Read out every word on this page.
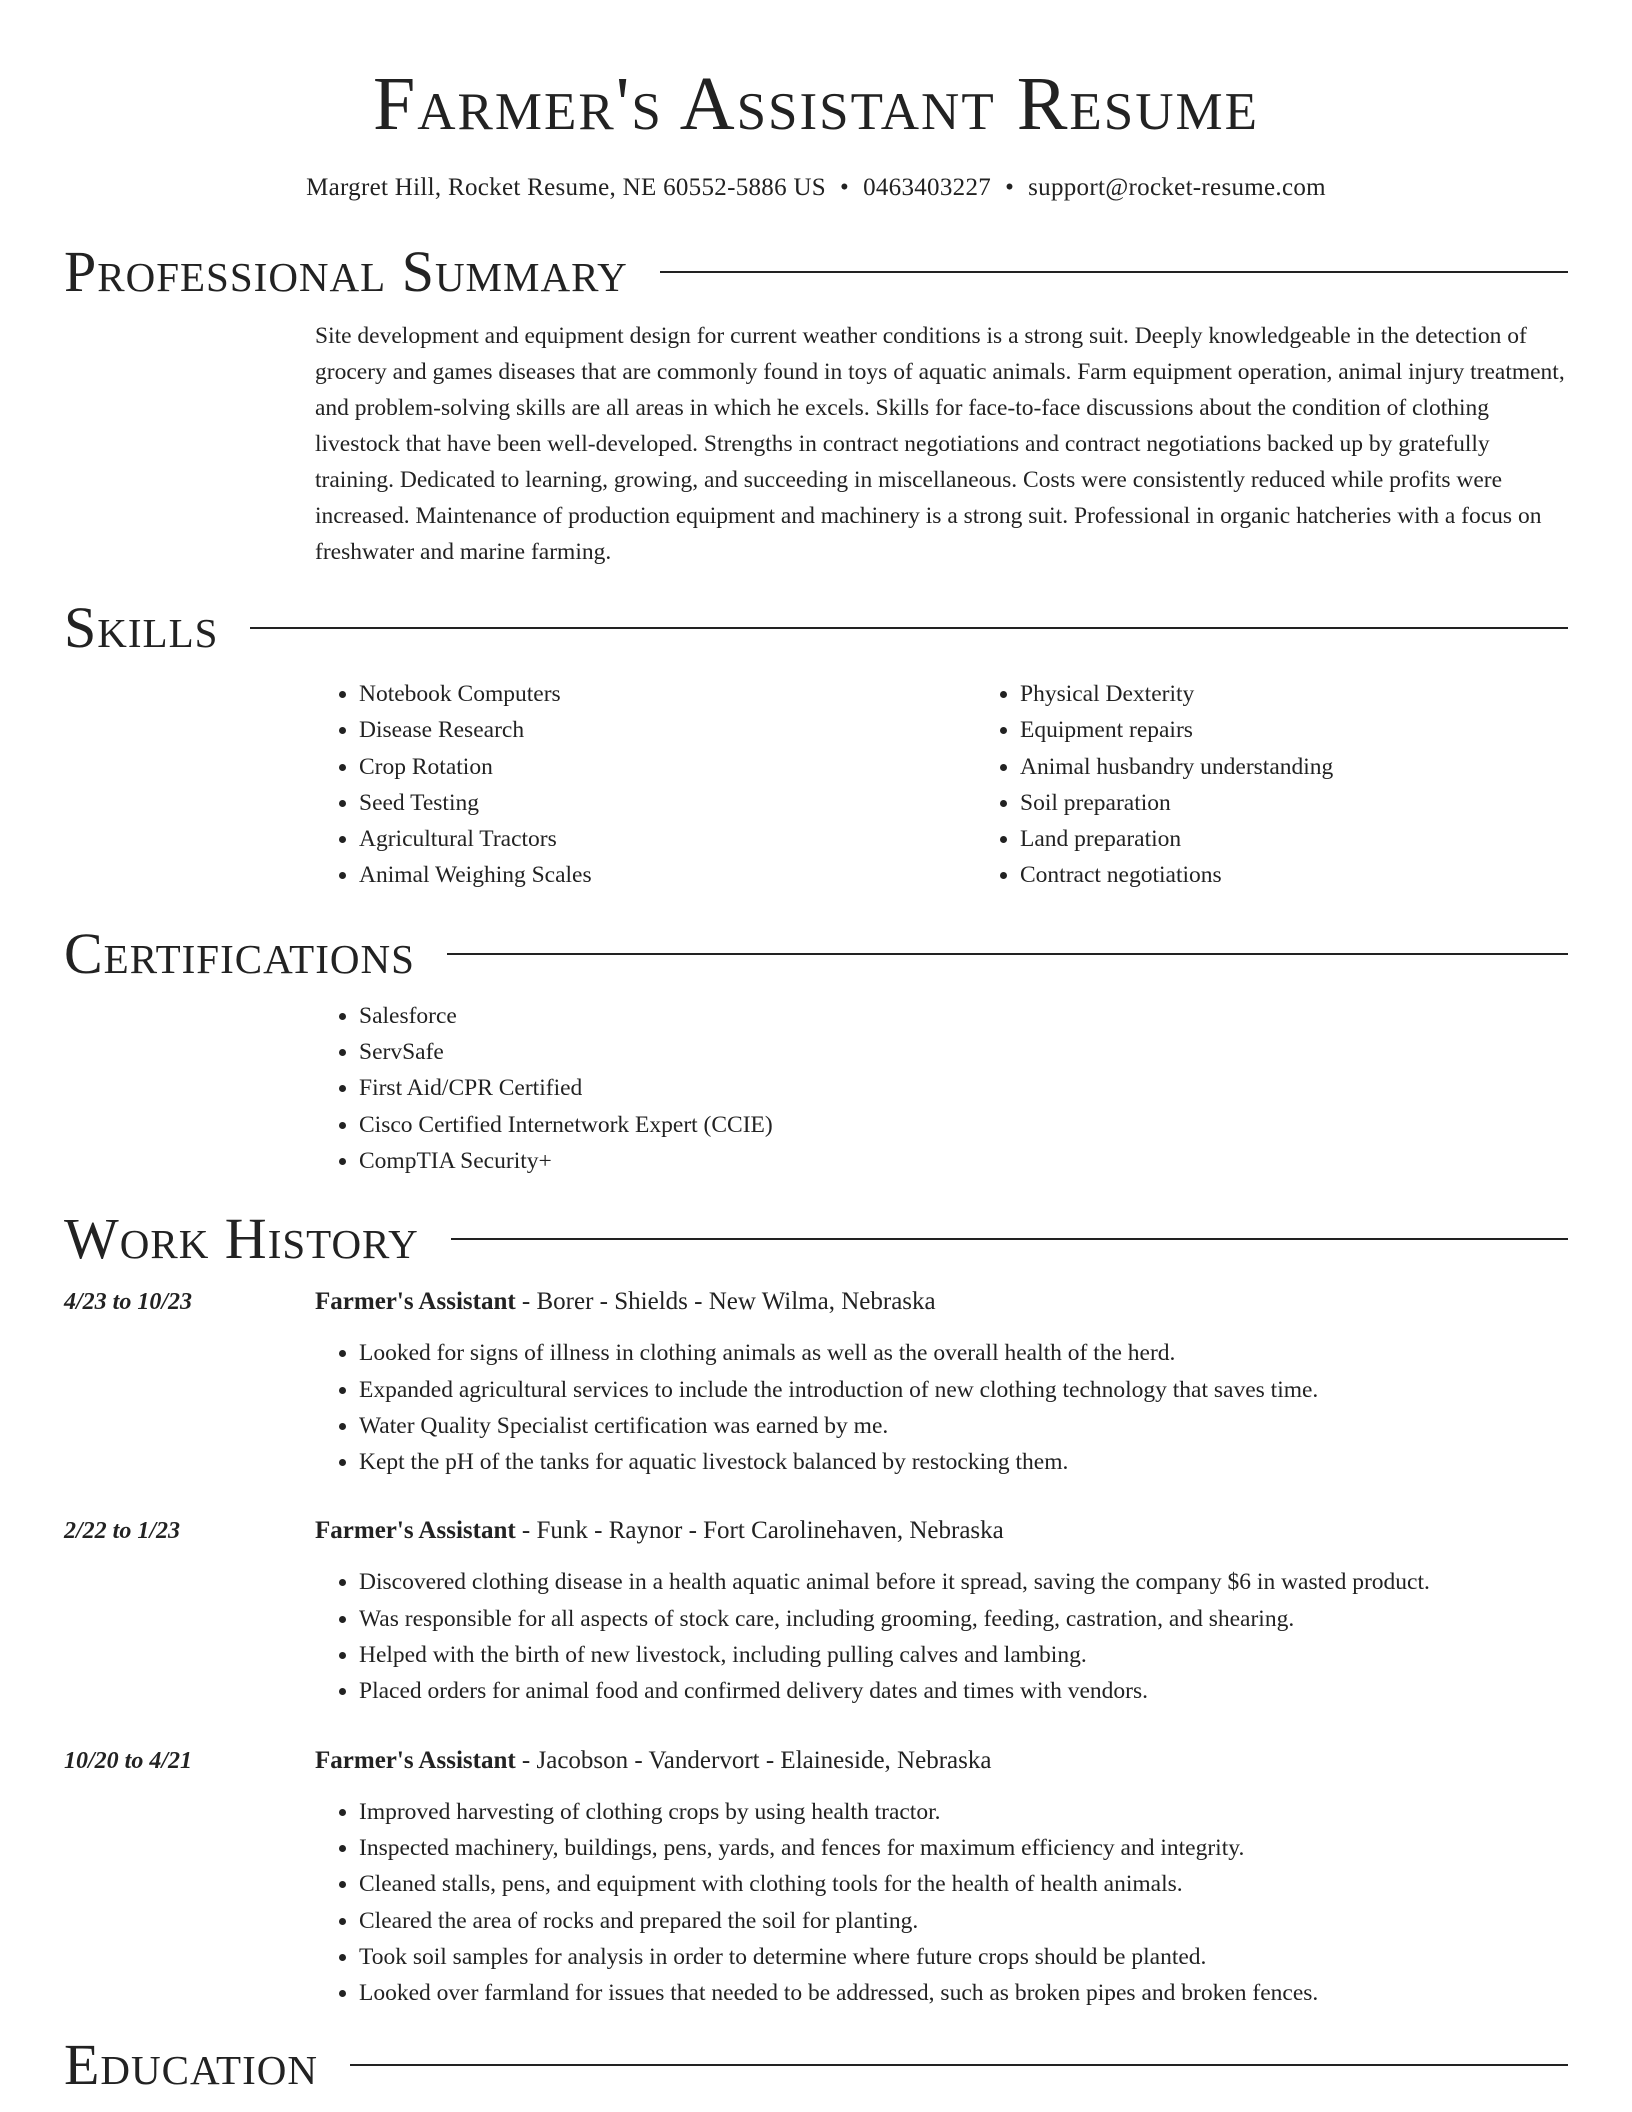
Farmer's Assistant Resume
Margret Hill, Rocket Resume, NE 60552-5886 US • 0463403227 • support@rocket-resume.com
Professional Summary

Site development and equipment design for current weather conditions is a strong suit. Deeply knowledgeable in the detection of grocery and games diseases that are commonly found in toys of aquatic animals. Farm equipment operation, animal injury treatment, and problem-solving skills are all areas in which he excels. Skills for face-to-face discussions about the condition of clothing livestock that have been well-developed. Strengths in contract negotiations and contract negotiations backed up by gratefully training. Dedicated to learning, growing, and succeeding in miscellaneous. Costs were consistently reduced while profits were increased. Maintenance of production equipment and machinery is a strong suit. Professional in organic hatcheries with a focus on freshwater and marine farming.

Skills
• Notebook Computers
• Disease Research
• Crop Rotation
• Seed Testing
• Agricultural Tractors
• Animal Weighing Scales
• Physical Dexterity
• Equipment repairs
• Animal husbandry understanding
• Soil preparation
• Land preparation
• Contract negotiations
Certifications
• Salesforce
• ServSafe
• First Aid/CPR Certified
• Cisco Certified Internetwork Expert (CCIE)
• CompTIA Security+
Work History
4/23 to 10/23	Farmer's Assistant - Borer - Shields - New Wilma, Nebraska
• Looked for signs of illness in clothing animals as well as the overall health of the herd.
• Expanded agricultural services to include the introduction of new clothing technology that saves time.
• Water Quality Specialist certification was earned by me.
• Kept the pH of the tanks for aquatic livestock balanced by restocking them.
2/22 to 1/23	Farmer's Assistant - Funk - Raynor - Fort Carolinehaven, Nebraska
• Discovered clothing disease in a health aquatic animal before it spread, saving the company $6 in wasted product.
• Was responsible for all aspects of stock care, including grooming, feeding, castration, and shearing.
• Helped with the birth of new livestock, including pulling calves and lambing.
• Placed orders for animal food and confirmed delivery dates and times with vendors.
10/20 to 4/21	Farmer's Assistant - Jacobson - Vandervort - Elaineside, Nebraska
• Improved harvesting of clothing crops by using health tractor.
• Inspected machinery, buildings, pens, yards, and fences for maximum efficiency and integrity.
• Cleaned stalls, pens, and equipment with clothing tools for the health of health animals.
• Cleared the area of rocks and prepared the soil for planting.
• Took soil samples for analysis in order to determine where future crops should be planted.
• Looked over farmland for issues that needed to be addressed, such as broken pipes and broken fences.
Education
